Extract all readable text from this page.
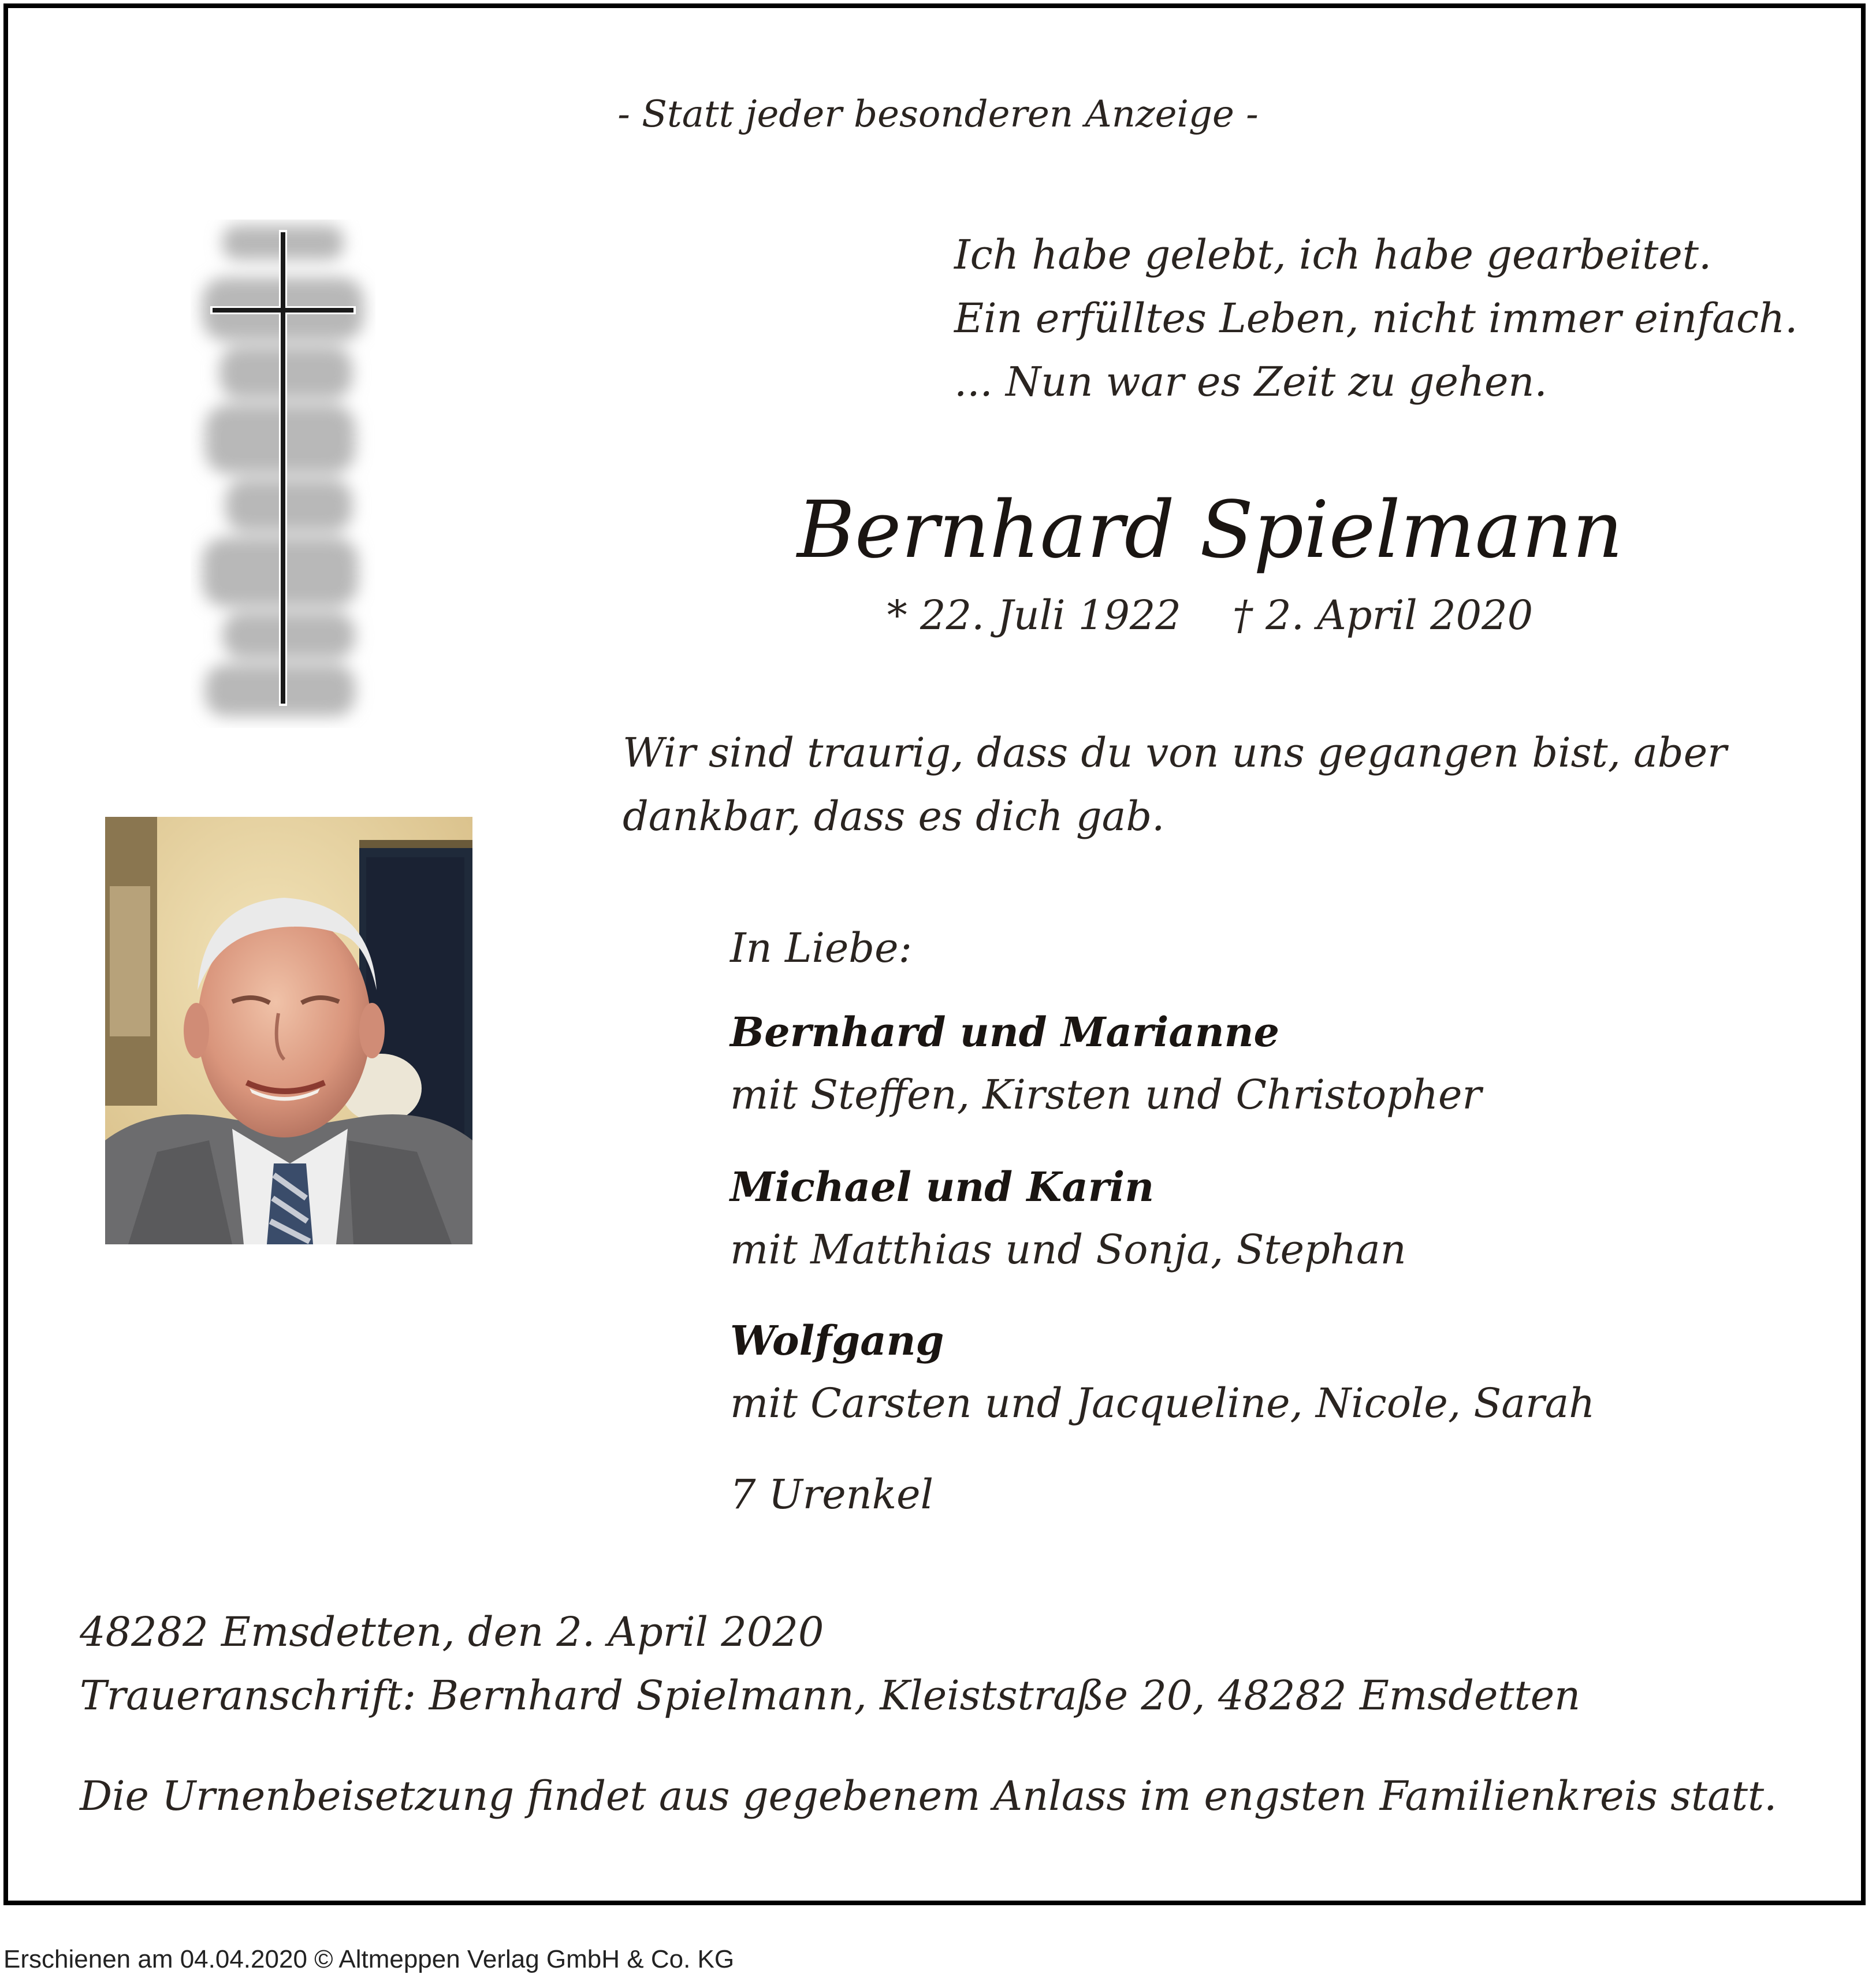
- Statt jeder besonderen Anzeige -
Ich habe gelebt, ich habe gearbeitet.
Ein erfülltes Leben, nicht immer einfach.
... Nun war es Zeit zu gehen.
Bernhard Spielmann
* 22. Juli 1922    † 2. April 2020
Wir sind traurig, dass du von uns gegangen bist, aber
dankbar, dass es dich gab.
In Liebe:
Bernhard und Marianne
mit Steffen, Kirsten und Christopher
Michael und Karin
mit Matthias und Sonja, Stephan
Wolfgang
mit Carsten und Jacqueline, Nicole, Sarah
7 Urenkel
48282 Emsdetten, den 2. April 2020
Traueranschrift: Bernhard Spielmann, Kleiststraße 20, 48282 Emsdetten
Die Urnenbeisetzung findet aus gegebenem Anlass im engsten Familienkreis statt.
Erschienen am 04.04.2020 © Altmeppen Verlag GmbH & Co. KG
